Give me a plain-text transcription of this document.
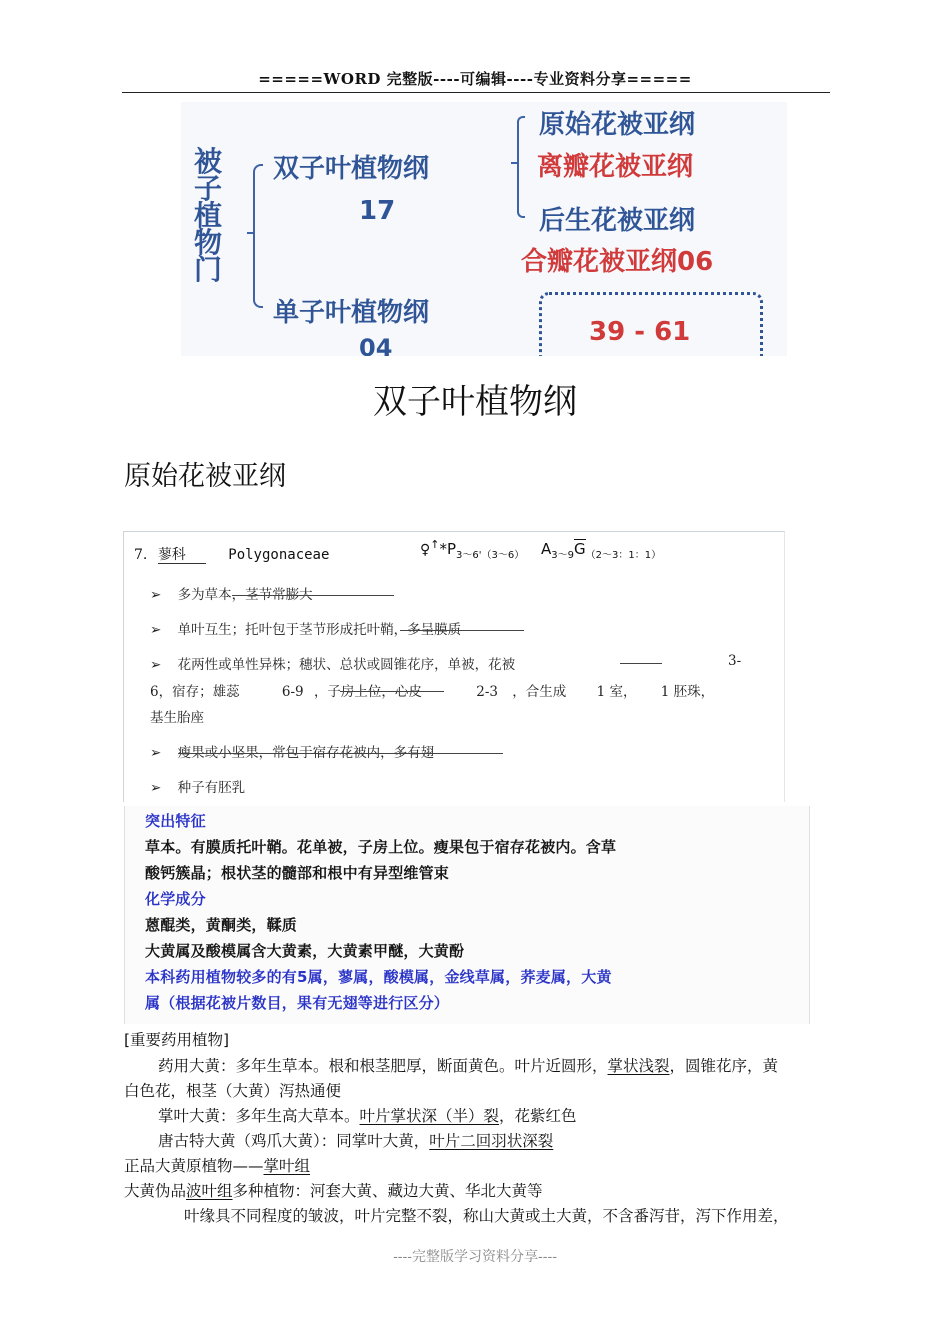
=====WORD 完整版----可编辑----专业资料分享=====
被
子
植
物
门
双子叶植物纲
17
单子叶植物纲
04
原始花被亚纲
离瓣花被亚纲
后生花被亚纲
合瓣花被亚纲06
39 - 61
双子叶植物纲
原始花被亚纲
7. 蓼科	Polygonaceae	$♀^↑*P_{3\sim 6'(3\sim 6)}$ $A_{3\sim 9}G_{(2\sim 3:1:1)}$
➢ 多为草本，茎节常膨大
➢ 单叶互生；托叶包于茎节形成托叶鞘，多呈膜质
➢ 花两性或单性异株；穗状、总状或圆锥花序，单被，花被	3-
6，宿存；雄蕊	6-9 ，子房上位，心皮	2-3 ，合生成 1 室， 1 胚珠，
基生胎座
➢ 瘦果或小坚果，常包于宿存花被内，多有翅
➢ 种子有胚乳
突出特征
草本。有膜质托叶鞘。花单被，子房上位。瘦果包于宿存花被内。含草
酸钙簇晶；根状茎的髓部和根中有异型维管束
化学成分
蒽醌类，黄酮类，鞣质
大黄属及酸模属含大黄素，大黄素甲醚，大黄酚
本科药用植物较多的有5属，蓼属，酸模属，金线草属，荞麦属，大黄
属（根据花被片数目，果有无翅等进行区分）
[重要药用植物]
药用大黄：多年生草本。根和根茎肥厚，断面黄色。叶片近圆形，掌状浅裂，圆锥花序，黄
白色花，根茎（大黄）泻热通便
掌叶大黄：多年生高大草本。叶片掌状深（半）裂，花紫红色
唐古特大黄（鸡爪大黄）：同掌叶大黄，叶片二回羽状深裂
正品大黄原植物——掌叶组
大黄伪品波叶组多种植物：河套大黄、藏边大黄、华北大黄等
叶缘具不同程度的皱波，叶片完整不裂，称山大黄或土大黄，不含番泻苷，泻下作用差，
----完整版学习资料分享----
